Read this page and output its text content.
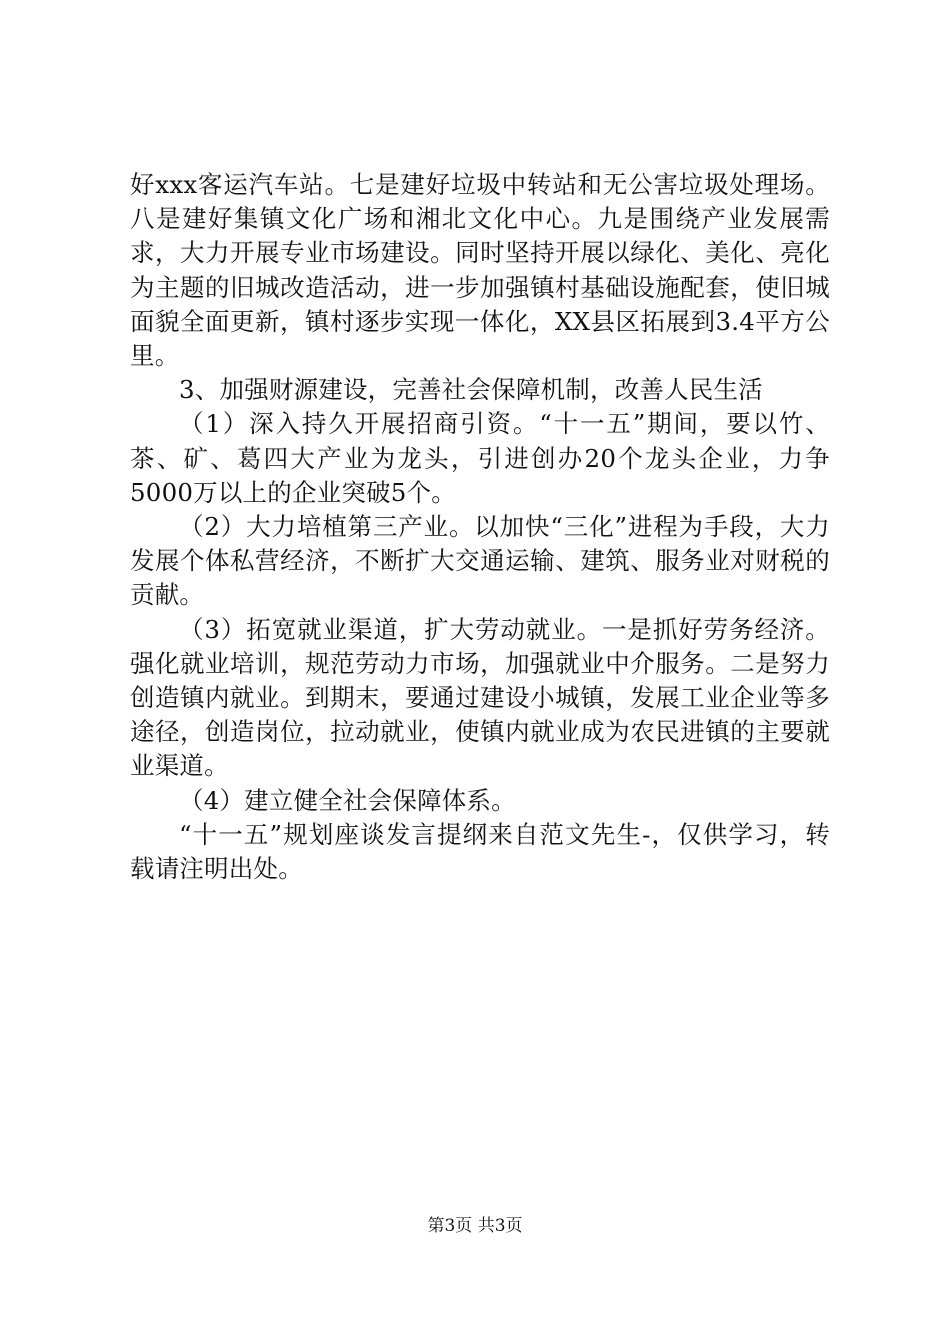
好xxx客运汽车站。七是建好垃圾中转站和无公害垃圾处理场。八是建好集镇文化广场和湘北文化中心。九是围绕产业发展需求，大力开展专业市场建设。同时坚持开展以绿化、美化、亮化为主题的旧城改造活动，进一步加强镇村基础设施配套，使旧城面貌全面更新，镇村逐步实现一体化，XX县区拓展到3.4平方公里。

3、加强财源建设，完善社会保障机制，改善人民生活

（1）深入持久开展招商引资。“十一五”期间，要以竹、茶、矿、葛四大产业为龙头，引进创办20个龙头企业，力争5000万以上的企业突破5个。

（2）大力培植第三产业。以加快“三化”进程为手段，大力发展个体私营经济，不断扩大交通运输、建筑、服务业对财税的贡献。

（3）拓宽就业渠道，扩大劳动就业。一是抓好劳务经济。强化就业培训，规范劳动力市场，加强就业中介服务。二是努力创造镇内就业。到期末，要通过建设小城镇，发展工业企业等多途径，创造岗位，拉动就业，使镇内就业成为农民进镇的主要就业渠道。

（4）建立健全社会保障体系。

“十一五”规划座谈发言提纲来自范文先生-，仅供学习，转载请注明出处。

第3页 共3页
